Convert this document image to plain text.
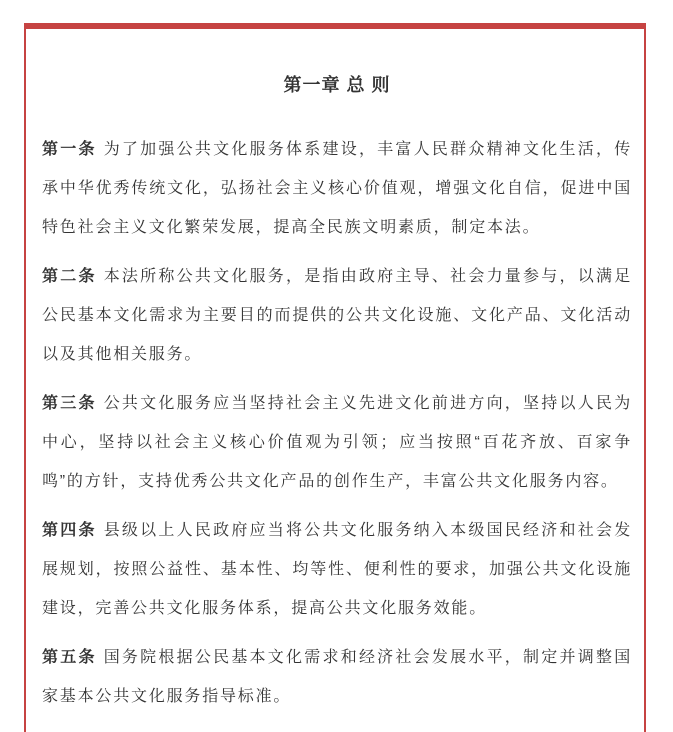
第一章 总 则

第一条 为了加强公共文化服务体系建设，丰富人民群众精神文化生活，传承中华优秀传统文化，弘扬社会主义核心价值观，增强文化自信，促进中国特色社会主义文化繁荣发展，提高全民族文明素质，制定本法。

第二条 本法所称公共文化服务，是指由政府主导、社会力量参与，以满足公民基本文化需求为主要目的而提供的公共文化设施、文化产品、文化活动以及其他相关服务。

第三条 公共文化服务应当坚持社会主义先进文化前进方向，坚持以人民为中心，坚持以社会主义核心价值观为引领；应当按照“百花齐放、百家争鸣”的方针，支持优秀公共文化产品的创作生产，丰富公共文化服务内容。

第四条 县级以上人民政府应当将公共文化服务纳入本级国民经济和社会发展规划，按照公益性、基本性、均等性、便利性的要求，加强公共文化设施建设，完善公共文化服务体系，提高公共文化服务效能。

第五条 国务院根据公民基本文化需求和经济社会发展水平，制定并调整国家基本公共文化服务指导标准。
